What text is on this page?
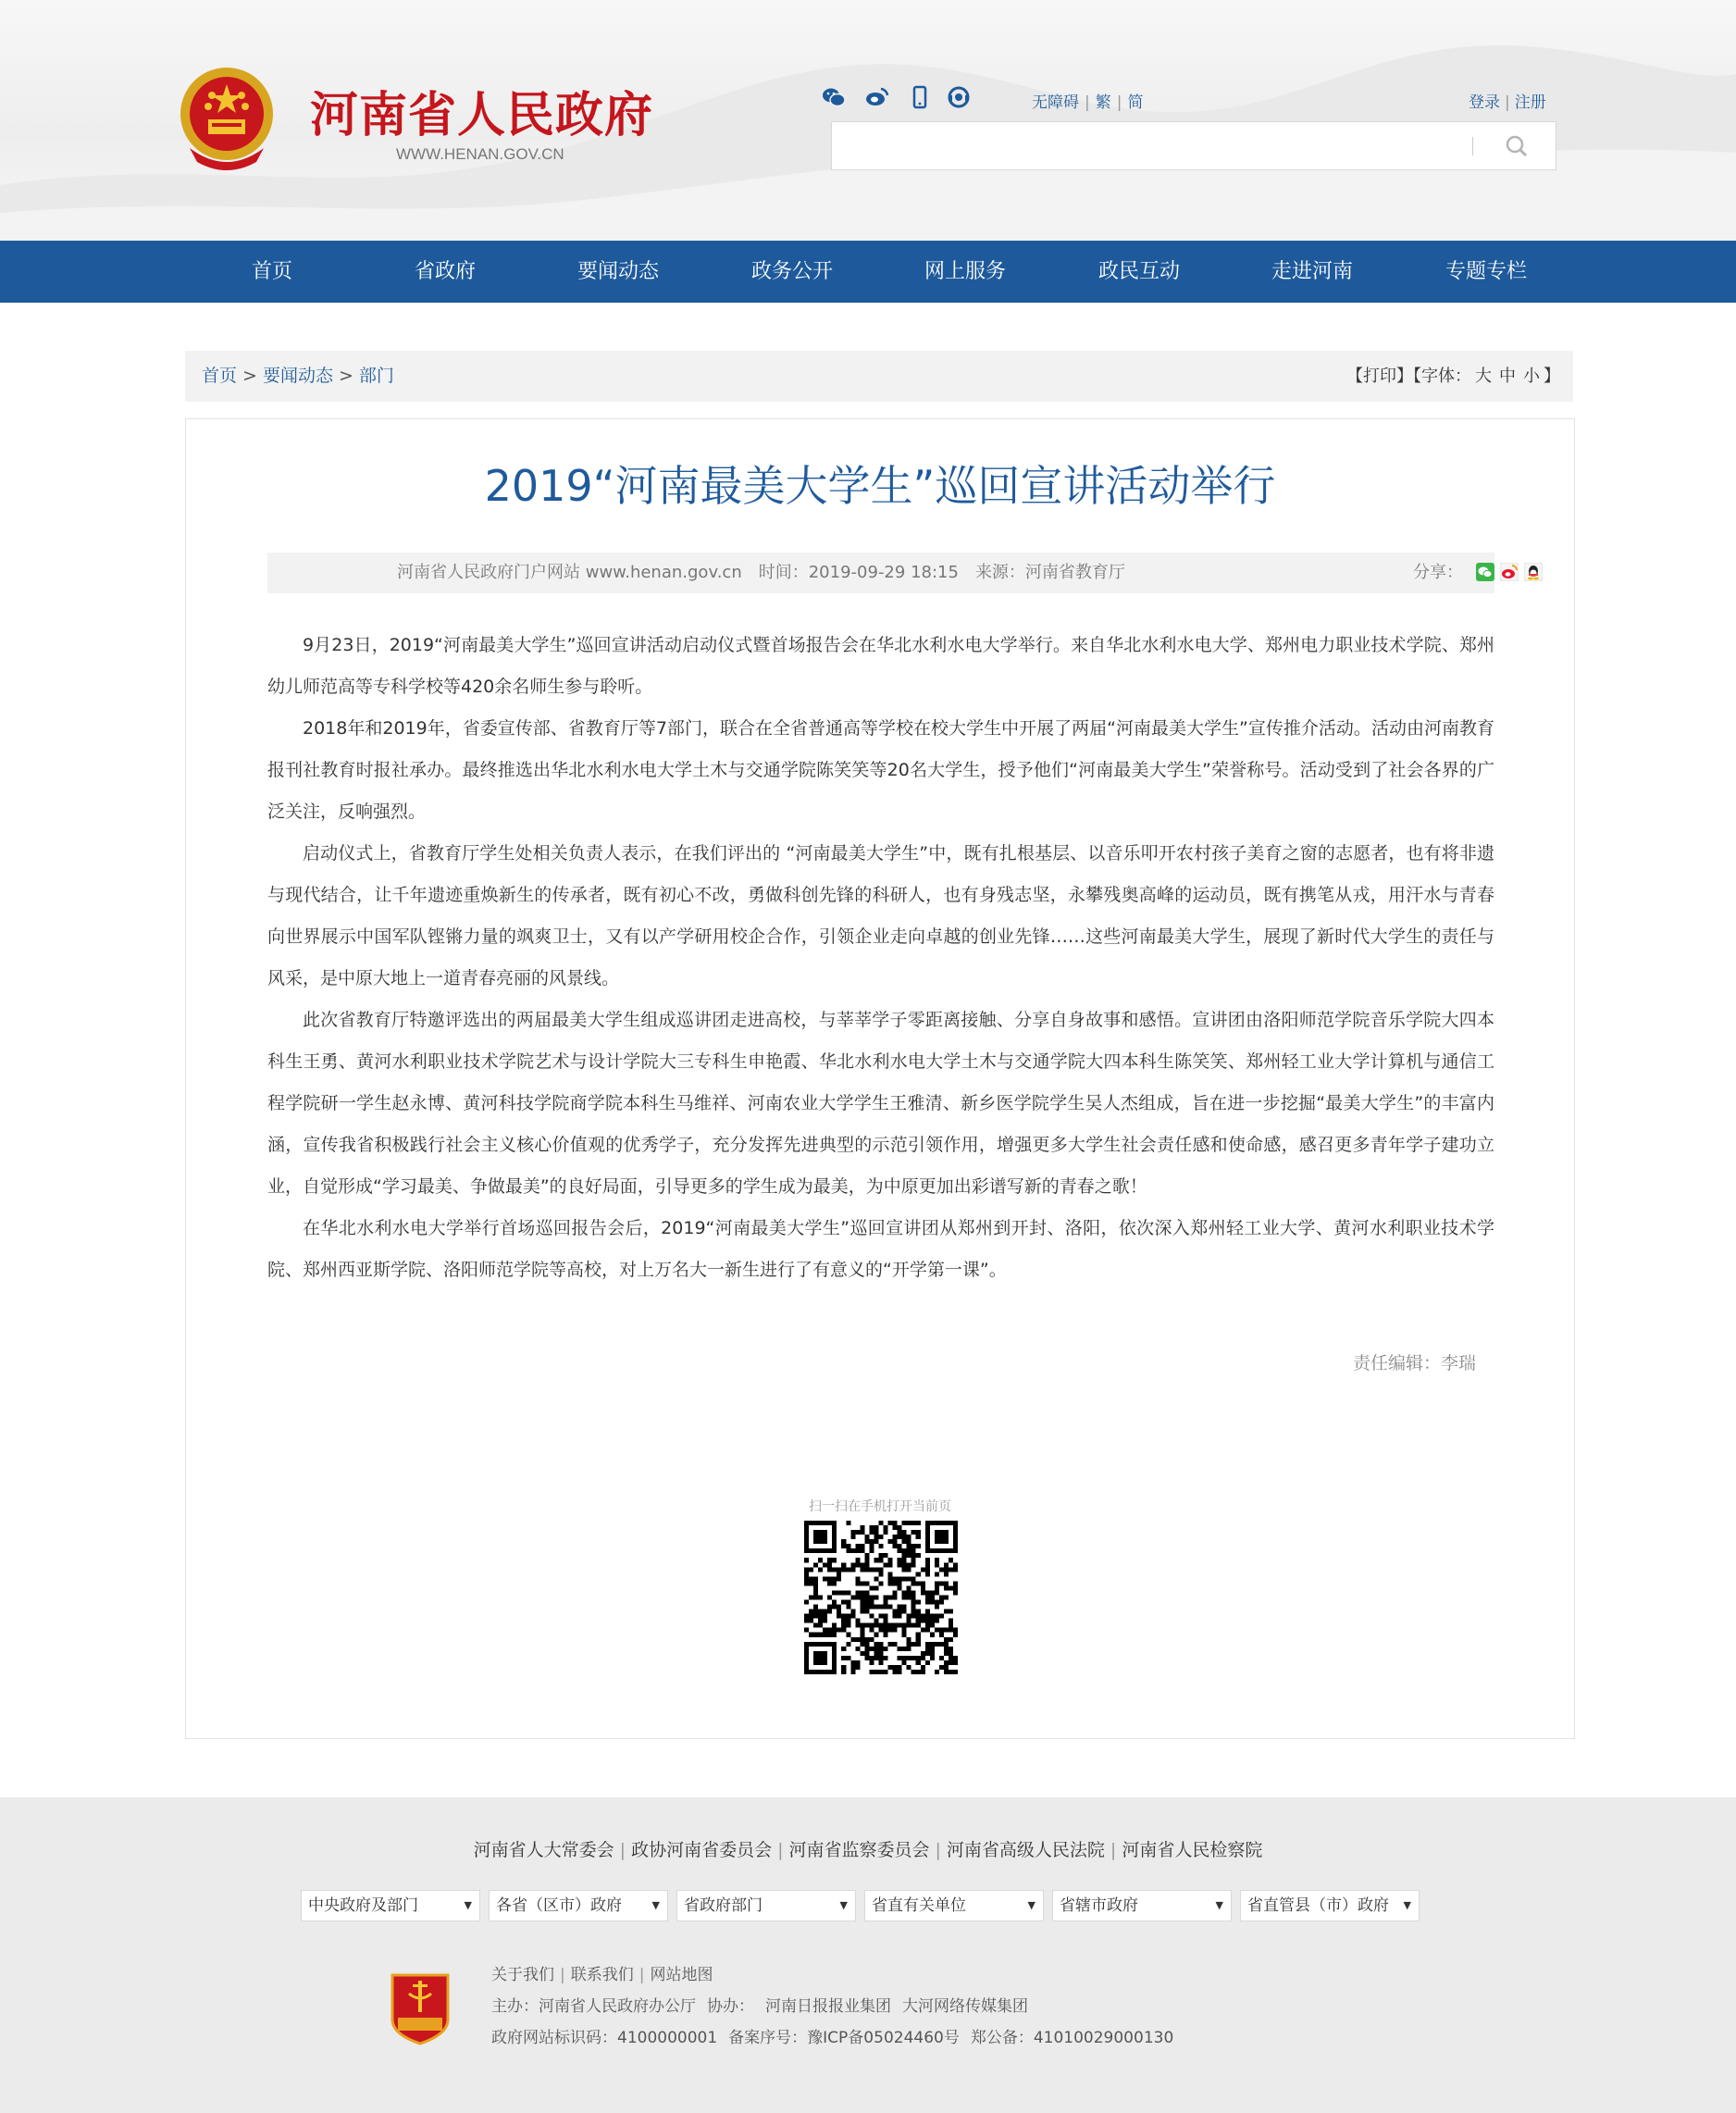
河南省人民政府
WWW.HENAN.GOV.CN
无障碍 | 繁 | 简	登录 | 注册
首页	省政府	要闻动态	政务公开	网上服务	政民互动	走进河南	专题专栏
首页 > 要闻动态 > 部门	【打印】【字体： 大 中 小 】
2019“河南最美大学生”巡回宣讲活动举行
河南省人民政府门户网站 www.henan.gov.cn 时间：2019-09-29 18:15 来源：河南省教育厅	分享：

9月23日，2019“河南最美大学生”巡回宣讲活动启动仪式暨首场报告会在华北水利水电大学举行。来自华北水利水电大学、郑州电力职业技术学院、郑州幼儿师范高等专科学校等420余名师生参与聆听。

2018年和2019年，省委宣传部、省教育厅等7部门，联合在全省普通高等学校在校大学生中开展了两届“河南最美大学生”宣传推介活动。活动由河南教育报刊社教育时报社承办。最终推选出华北水利水电大学土木与交通学院陈笑笑等20名大学生，授予他们“河南最美大学生”荣誉称号。活动受到了社会各界的广泛关注，反响强烈。

启动仪式上，省教育厅学生处相关负责人表示，在我们评出的 “河南最美大学生”中，既有扎根基层、以音乐叩开农村孩子美育之窗的志愿者，也有将非遗与现代结合，让千年遗迹重焕新生的传承者，既有初心不改，勇做科创先锋的科研人，也有身残志坚，永攀残奥高峰的运动员，既有携笔从戎，用汗水与青春向世界展示中国军队铿锵力量的飒爽卫士，又有以产学研用校企合作，引领企业走向卓越的创业先锋……这些河南最美大学生，展现了新时代大学生的责任与风采，是中原大地上一道青春亮丽的风景线。

此次省教育厅特邀评选出的两届最美大学生组成巡讲团走进高校，与莘莘学子零距离接触、分享自身故事和感悟。宣讲团由洛阳师范学院音乐学院大四本科生王勇、黄河水利职业技术学院艺术与设计学院大三专科生申艳霞、华北水利水电大学土木与交通学院大四本科生陈笑笑、郑州轻工业大学计算机与通信工程学院研一学生赵永博、黄河科技学院商学院本科生马维祥、河南农业大学学生王雅清、新乡医学院学生吴人杰组成，旨在进一步挖掘“最美大学生”的丰富内涵，宣传我省积极践行社会主义核心价值观的优秀学子，充分发挥先进典型的示范引领作用，增强更多大学生社会责任感和使命感，感召更多青年学子建功立业，自觉形成“学习最美、争做最美”的良好局面，引导更多的学生成为最美，为中原更加出彩谱写新的青春之歌！

在华北水利水电大学举行首场巡回报告会后，2019“河南最美大学生”巡回宣讲团从郑州到开封、洛阳，依次深入郑州轻工业大学、黄河水利职业技术学院、郑州西亚斯学院、洛阳师范学院等高校，对上万名大一新生进行了有意义的“开学第一课”。

责任编辑：李瑞
扫一扫在手机打开当前页
河南省人大常委会 | 政协河南省委员会 | 河南省监察委员会 | 河南省高级人民法院 | 河南省人民检察院
中央政府及部门	▼	各省（区市）政府	▼	省政府部门	▼	省直有关单位	▼	省辖市政府	▼	省直管县（市）政府 ▼
关于我们 | 联系我们 | 网站地图
主办：河南省人民政府办公厅 协办： 河南日报报业集团 大河网络传媒集团
政府网站标识码：4100000001 备案序号：豫ICP备05024460号 郑公备：41010029000130
